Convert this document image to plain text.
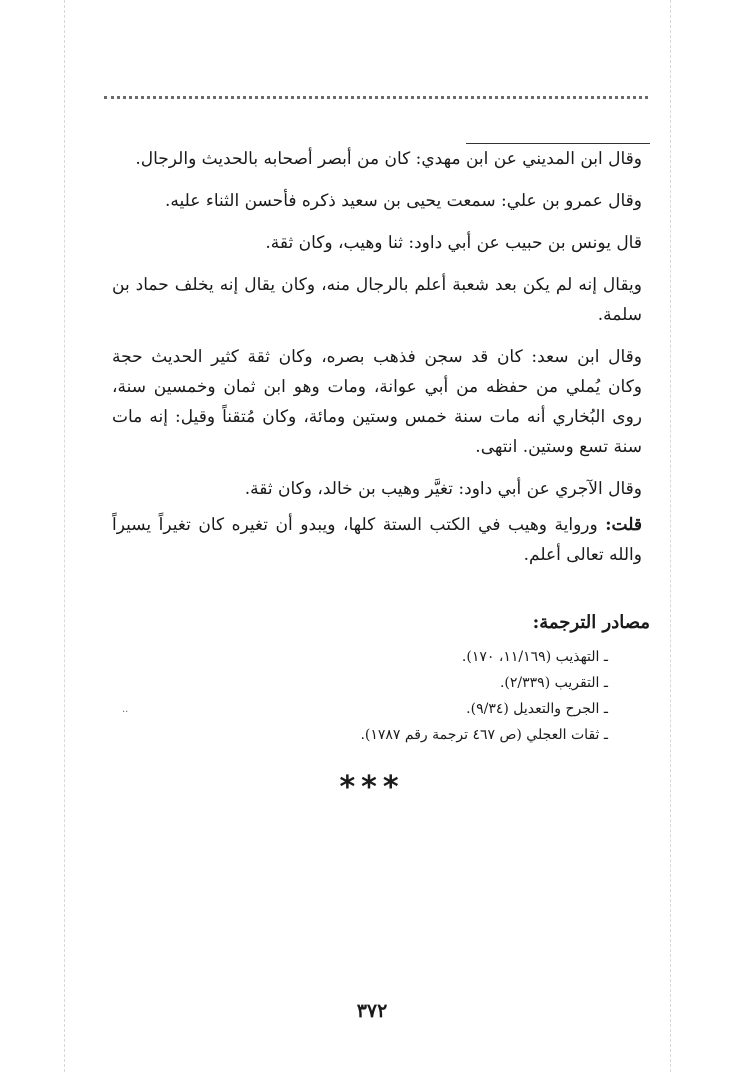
وقال ابن المديني عن ابن مهدي: كان من أبصر أصحابه بالحديث والرجال.

وقال عمرو بن علي: سمعت يحيى بن سعيد ذكره فأحسن الثناء عليه.

قال يونس بن حبيب عن أبي داود: ثنا وهيب، وكان ثقة.

ويقال إنه لم يكن بعد شعبة أعلم بالرجال منه، وكان يقال إنه يخلف حماد بن سلمة.

وقال ابن سعد: كان قد سجن فذهب بصره، وكان ثقة كثير الحديث حجة وكان يُملي من حفظه من أبي عوانة، ومات وهو ابن ثمان وخمسين سنة، روى البُخاري أنه مات سنة خمس وستين ومائة، وكان مُتقناً وقيل: إنه مات سنة تسع وستين. انتهى.

وقال الآجري عن أبي داود: تغيَّر وهيب بن خالد، وكان ثقة.

قلت: ورواية وهيب في الكتب الستة كلها، ويبدو أن تغيره كان تغيراً يسيراً والله تعالى أعلم.

مصادر الترجمة:
ـ التهذيب (١١/١٦٩، ١٧٠).
ـ التقريب (٢/٣٣٩).
ـ الجرح والتعديل (٩/٣٤).
ـ ثقات العجلي (ص ٤٦٧ ترجمة رقم ١٧٨٧).
..
***
٣٧٢
